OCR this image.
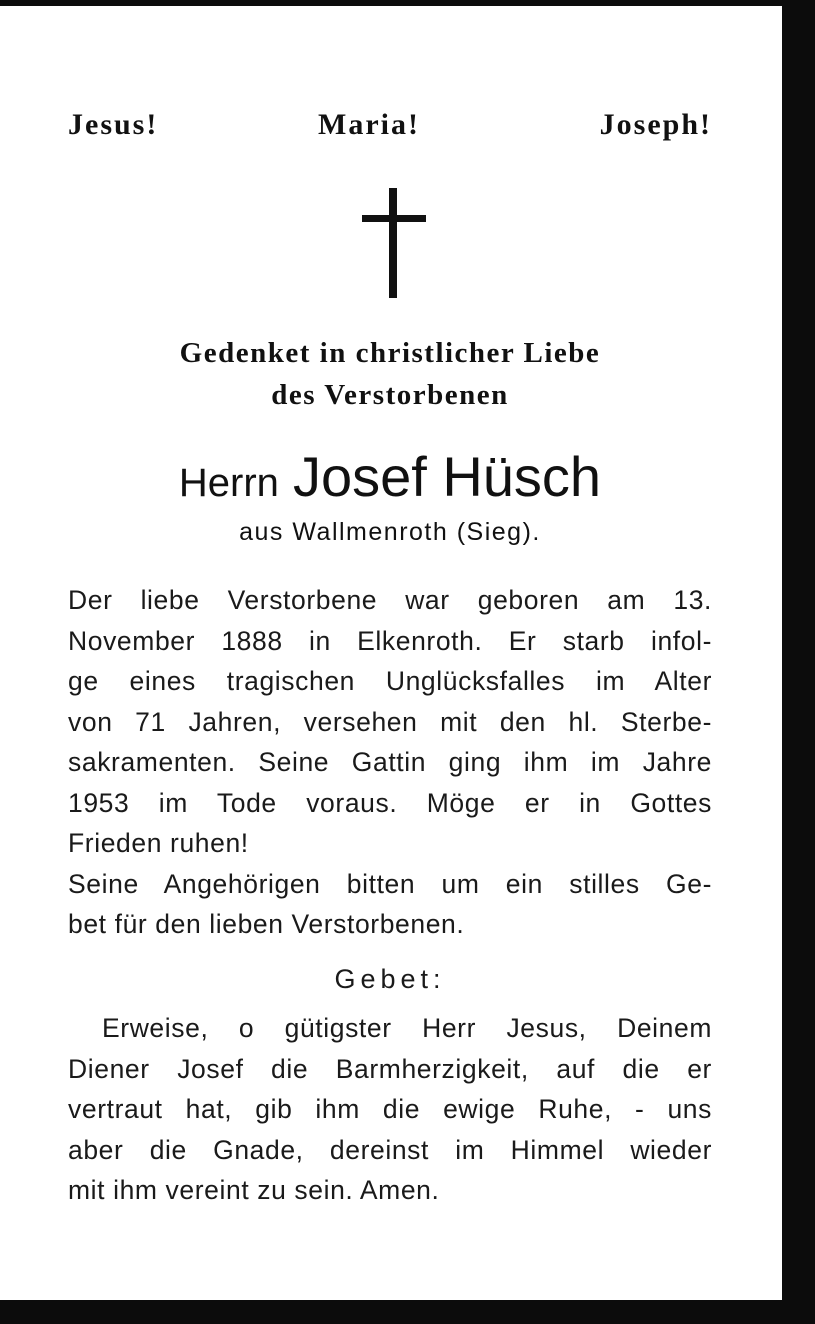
Jesus!	Maria!	Joseph!
Gedenket in christlicher Liebe
des Verstorbenen
Herrn Josef Hüsch
aus Wallmenroth (Sieg).
Der liebe Verstorbene war geboren am 13.
November 1888 in Elkenroth. Er starb infol-
ge eines tragischen Unglücksfalles im Alter
von 71 Jahren, versehen mit den hl. Sterbe-
sakramenten. Seine Gattin ging ihm im Jahre
1953 im Tode voraus. Möge er in Gottes
Frieden ruhen!
Seine Angehörigen bitten um ein stilles Ge-
bet für den lieben Verstorbenen.
Gebet:
Erweise, o gütigster Herr Jesus, Deinem
Diener Josef die Barmherzigkeit, auf die er
vertraut hat, gib ihm die ewige Ruhe, - uns
aber die Gnade, dereinst im Himmel wieder
mit ihm vereint zu sein. Amen.
